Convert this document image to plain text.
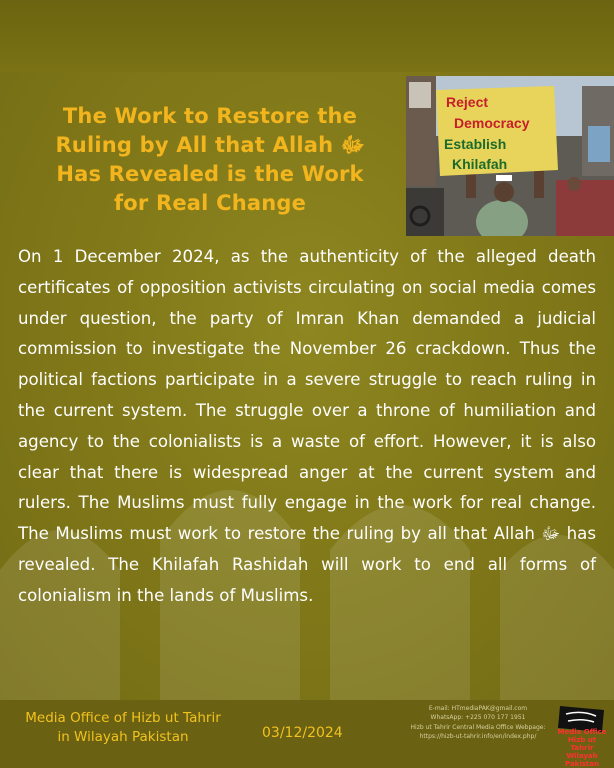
The Work to Restore the Ruling by All that Allah ﷻ Has Revealed is the Work for Real Change
Reject
Democracy
Establish
Khilafah
On 1 December 2024, as the authenticity of the alleged death certificates of opposition activists circulating on social media comes under question, the party of Imran Khan demanded a judicial commission to investigate the November 26 crackdown. Thus the political factions participate in a severe struggle to reach ruling in the current system. The struggle over a throne of humiliation and agency to the colonialists is a waste of effort. However, it is also clear that there is widespread anger at the current system and rulers. The Muslims must fully engage in the work for real change. The Muslims must work to restore the ruling by all that Allah ﷻ has revealed. The Khilafah Rashidah will work to end all forms of colonialism in the lands of Muslims.
Media Office of Hizb ut Tahrir
in Wilayah Pakistan	03/12/2024
E-mail: HTmediaPAK@gmail.com
WhatsApp: +225 070 177 1951
Hizb ut Tahrir Central Media Office Webpage:
https://hizb-ut-tahrir.info/en/index.php/
Media Office
Hizb ut Tahrir
Wilayah Pakistan
